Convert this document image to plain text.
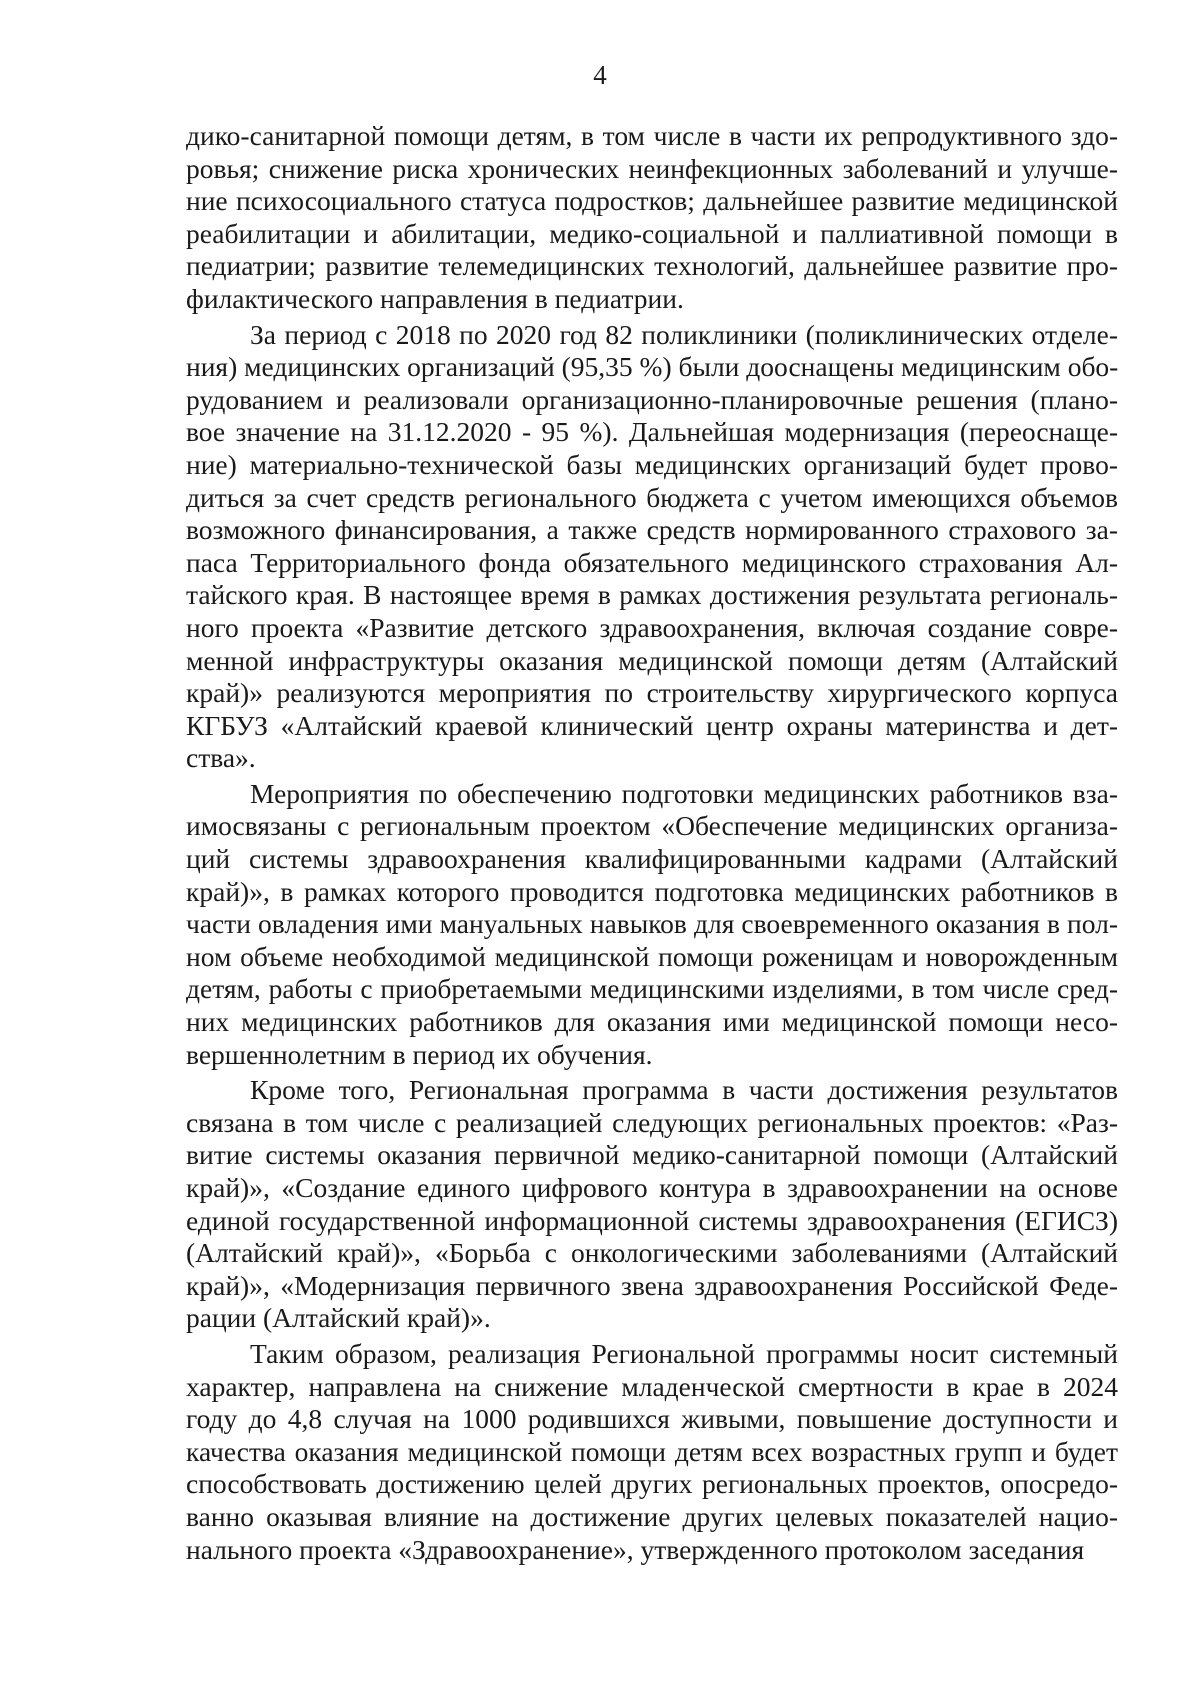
4
дико-санитарной помощи детям, в том числе в части их репродуктивного здо-
ровья; снижение риска хронических неинфекционных заболеваний и улучше-
ние психосоциального статуса подростков; дальнейшее развитие медицинской
реабилитации и абилитации, медико-социальной и паллиативной помощи в
педиатрии; развитие телемедицинских технологий, дальнейшее развитие про-
филактического направления в педиатрии.
За период с 2018 по 2020 год 82 поликлиники (поликлинических отделе-
ния) медицинских организаций (95,35 %) были дооснащены медицинским обо-
рудованием и реализовали организационно-планировочные решения (плано-
вое значение на 31.12.2020 - 95 %). Дальнейшая модернизация (переоснаще-
ние) материально-технической базы медицинских организаций будет прово-
диться за счет средств регионального бюджета с учетом имеющихся объемов
возможного финансирования, а также средств нормированного страхового за-
паса Территориального фонда обязательного медицинского страхования Ал-
тайского края. В настоящее время в рамках достижения результата региональ-
ного проекта «Развитие детского здравоохранения, включая создание совре-
менной инфраструктуры оказания медицинской помощи детям (Алтайский
край)» реализуются мероприятия по строительству хирургического корпуса
КГБУЗ «Алтайский краевой клинический центр охраны материнства и дет-
ства».
Мероприятия по обеспечению подготовки медицинских работников вза-
имосвязаны с региональным проектом «Обеспечение медицинских организа-
ций системы здравоохранения квалифицированными кадрами (Алтайский
край)», в рамках которого проводится подготовка медицинских работников в
части овладения ими мануальных навыков для своевременного оказания в пол-
ном объеме необходимой медицинской помощи роженицам и новорожденным
детям, работы с приобретаемыми медицинскими изделиями, в том числе сред-
них медицинских работников для оказания ими медицинской помощи несо-
вершеннолетним в период их обучения.
Кроме того, Региональная программа в части достижения результатов
связана в том числе с реализацией следующих региональных проектов: «Раз-
витие системы оказания первичной медико-санитарной помощи (Алтайский
край)», «Создание единого цифрового контура в здравоохранении на основе
единой государственной информационной системы здравоохранения (ЕГИСЗ)
(Алтайский край)», «Борьба с онкологическими заболеваниями (Алтайский
край)», «Модернизация первичного звена здравоохранения Российской Феде-
рации (Алтайский край)».
Таким образом, реализация Региональной программы носит системный
характер, направлена на снижение младенческой смертности в крае в 2024
году до 4,8 случая на 1000 родившихся живыми, повышение доступности и
качества оказания медицинской помощи детям всех возрастных групп и будет
способствовать достижению целей других региональных проектов, опосредо-
ванно оказывая влияние на достижение других целевых показателей нацио-
нального проекта «Здравоохранение», утвержденного протоколом заседания
